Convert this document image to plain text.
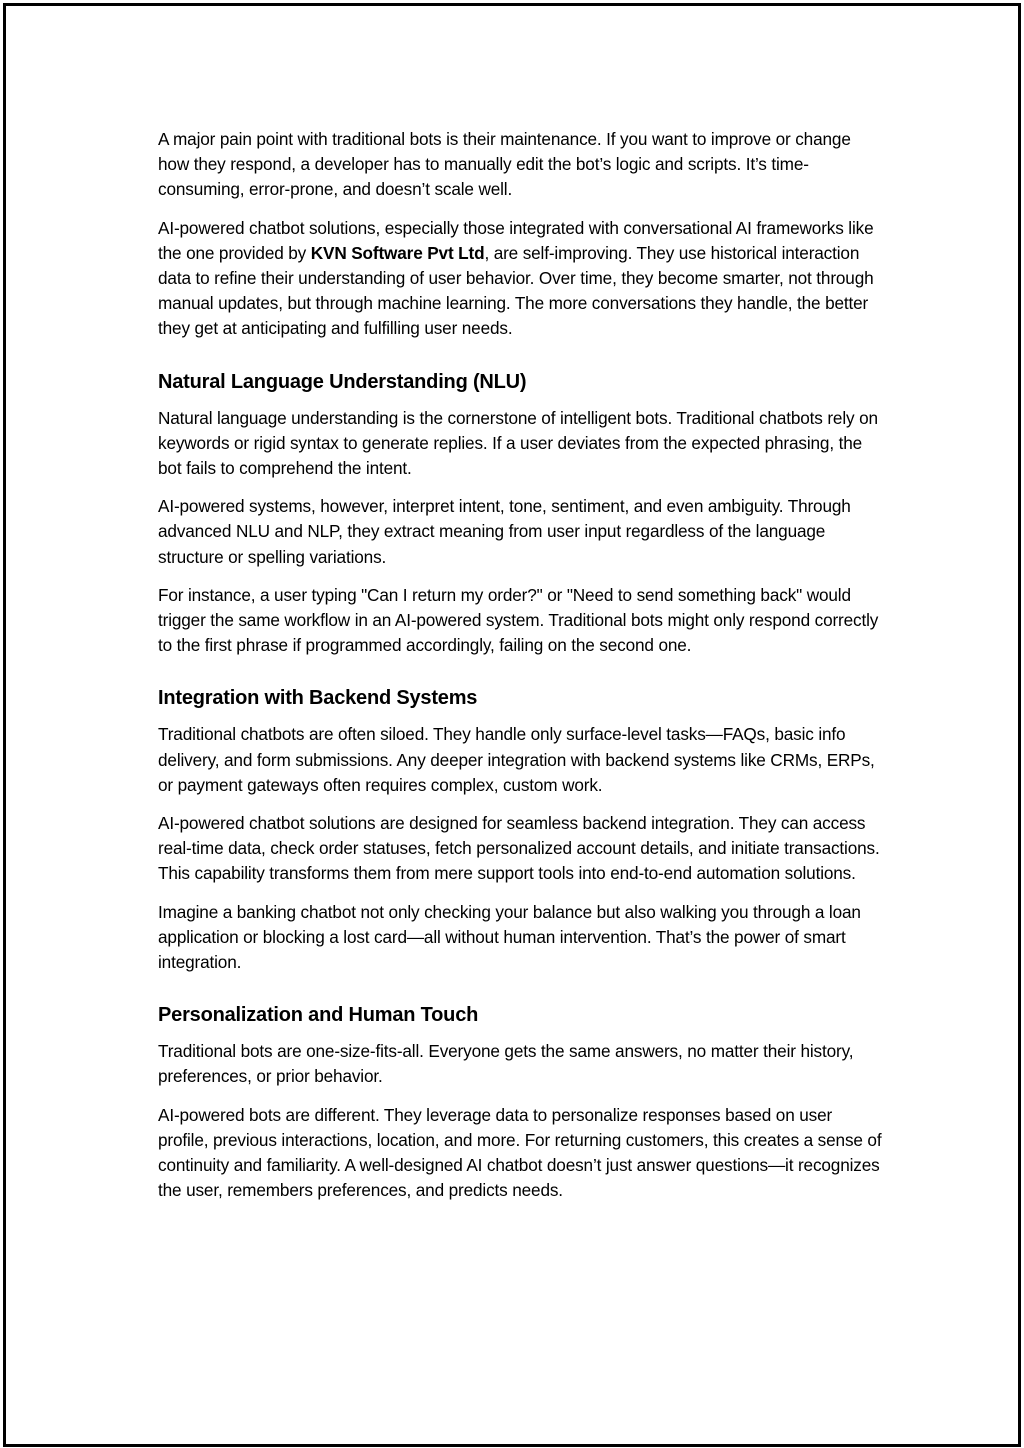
A major pain point with traditional bots is their maintenance. If you want to improve or change how they respond, a developer has to manually edit the bot’s logic and scripts. It’s time-consuming, error-prone, and doesn’t scale well.

AI-powered chatbot solutions, especially those integrated with conversational AI frameworks like the one provided by KVN Software Pvt Ltd, are self-improving. They use historical interaction data to refine their understanding of user behavior. Over time, they become smarter, not through manual updates, but through machine learning. The more conversations they handle, the better they get at anticipating and fulfilling user needs.

Natural Language Understanding (NLU)

Natural language understanding is the cornerstone of intelligent bots. Traditional chatbots rely on keywords or rigid syntax to generate replies. If a user deviates from the expected phrasing, the bot fails to comprehend the intent.

AI-powered systems, however, interpret intent, tone, sentiment, and even ambiguity. Through advanced NLU and NLP, they extract meaning from user input regardless of the language structure or spelling variations.

For instance, a user typing "Can I return my order?" or "Need to send something back" would trigger the same workflow in an AI-powered system. Traditional bots might only respond correctly to the first phrase if programmed accordingly, failing on the second one.

Integration with Backend Systems

Traditional chatbots are often siloed. They handle only surface-level tasks—FAQs, basic info delivery, and form submissions. Any deeper integration with backend systems like CRMs, ERPs, or payment gateways often requires complex, custom work.

AI-powered chatbot solutions are designed for seamless backend integration. They can access real-time data, check order statuses, fetch personalized account details, and initiate transactions. This capability transforms them from mere support tools into end-to-end automation solutions.

Imagine a banking chatbot not only checking your balance but also walking you through a loan application or blocking a lost card—all without human intervention. That’s the power of smart integration.

Personalization and Human Touch

Traditional bots are one-size-fits-all. Everyone gets the same answers, no matter their history, preferences, or prior behavior.

AI-powered bots are different. They leverage data to personalize responses based on user profile, previous interactions, location, and more. For returning customers, this creates a sense of continuity and familiarity. A well-designed AI chatbot doesn’t just answer questions—it recognizes the user, remembers preferences, and predicts needs.
